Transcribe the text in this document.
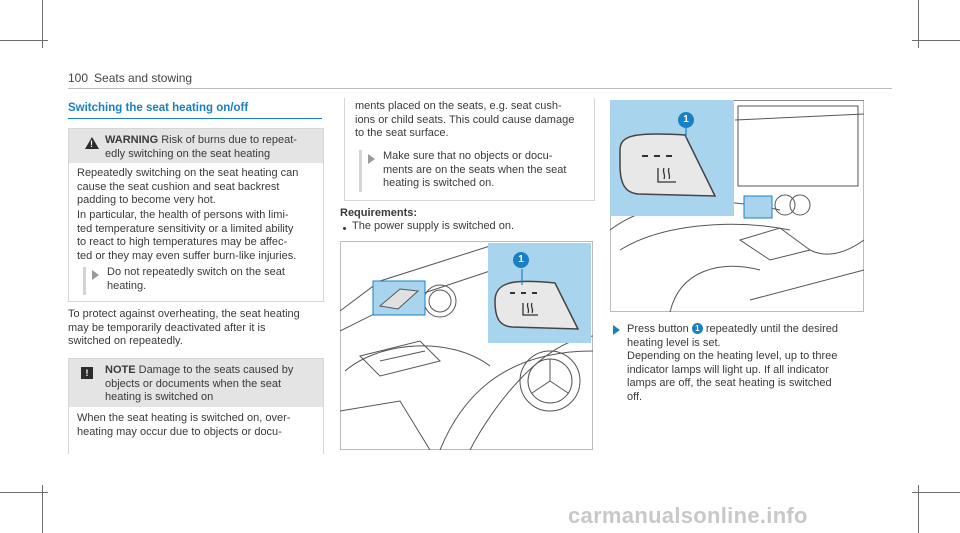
100 Seats and stowing
Switching the seat heating on/off
! WARNING Risk of burns due to repeat-

edly switching on the seat heating

Repeatedly switching on the seat heating can

cause the seat cushion and seat backrest

padding to become very hot.

In particular, the health of persons with limi-

ted temperature sensitivity or a limited ability

to react to high temperatures may be affec-

ted or they may even suffer burn-like injuries.

Do not repeatedly switch on the seat

heating.

To protect against overheating, the seat heating

may be temporarily deactivated after it is

switched on repeatedly.

!	NOTE Damage to the seats caused by

objects or documents when the seat

heating is switched on

When the seat heating is switched on, over-

heating may occur due to objects or docu-

ments placed on the seats, e.g. seat cush-

ions or child seats. This could cause damage

to the seat surface.

Make sure that no objects or docu-

ments are on the seats when the seat

heating is switched on.

Requirements:
The power supply is switched on.
1
1

Press button 1 repeatedly until the desired

heating level is set.

Depending on the heating level, up to three

indicator lamps will light up. If all indicator

lamps are off, the seat heating is switched

off.

carmanualsonline.info
